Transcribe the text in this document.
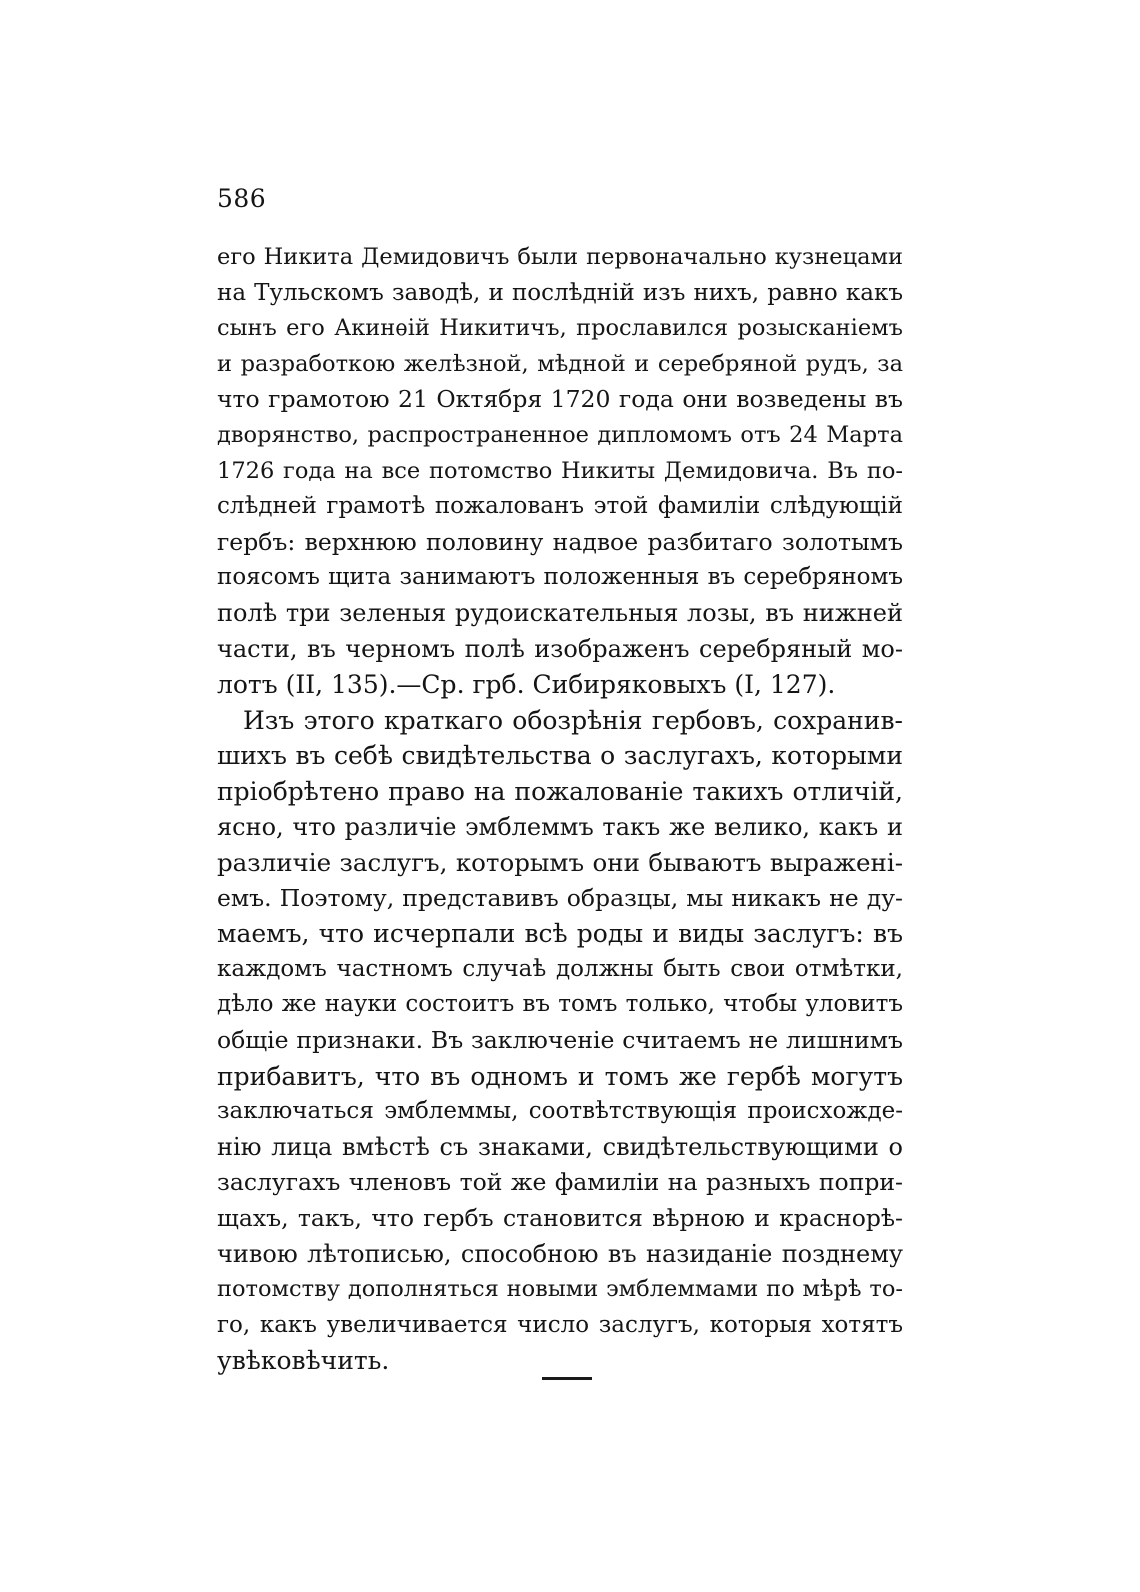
586
его Никита Демидовичъ были первоначально кузнецами
на Тульскомъ заводѣ, и послѣднiй изъ нихъ, равно какъ
сынъ его Акинѳiй Никитичъ, прославился розысканiемъ
и разработкою желѣзной, мѣдной и серебряной рудъ, за
что грамотою 21 Октября 1720 года они возведены въ
дворянство, распространенное дипломомъ отъ 24 Марта
1726 года на все потомство Никиты Демидовича. Въ по-
слѣдней грамотѣ пожалованъ этой фамилiи слѣдующiй
гербъ: верхнюю половину надвое разбитаго золотымъ
поясомъ щита занимаютъ положенныя въ серебряномъ
полѣ три зеленыя рудоискательныя лозы, въ нижней
части, въ черномъ полѣ изображенъ серебряный мо-
лотъ (II, 135).—Ср. грб. Сибиряковыхъ (I, 127).
Изъ этого краткаго обозрѣнiя гербовъ, сохранив-
шихъ въ себѣ свидѣтельства о заслугахъ, которыми
прiобрѣтено право на пожалованiе такихъ отличiй,
ясно, что различiе эмблеммъ такъ же велико, какъ и
различiе заслугъ, которымъ они бываютъ выраженi-
емъ. Поэтому, представивъ образцы, мы никакъ не ду-
маемъ, что исчерпали всѣ роды и виды заслугъ: въ
каждомъ частномъ случаѣ должны быть свои отмѣтки,
дѣло же науки состоитъ въ томъ только, чтобы уловитъ
общiе признаки. Въ заключенiе считаемъ не лишнимъ
прибавитъ, что въ одномъ и томъ же гербѣ могутъ
заключаться эмблеммы, соотвѣтствующiя происхожде-
нiю лица вмѣстѣ съ знаками, свидѣтельствующими о
заслугахъ членовъ той же фамилiи на разныхъ попри-
щахъ, такъ, что гербъ становится вѣрною и краснорѣ-
чивою лѣтописью, способною въ назиданiе позднему
потомству дополняться новыми эмблеммами по мѣрѣ то-
го, какъ увеличивается число заслугъ, которыя хотятъ
увѣковѣчить.
